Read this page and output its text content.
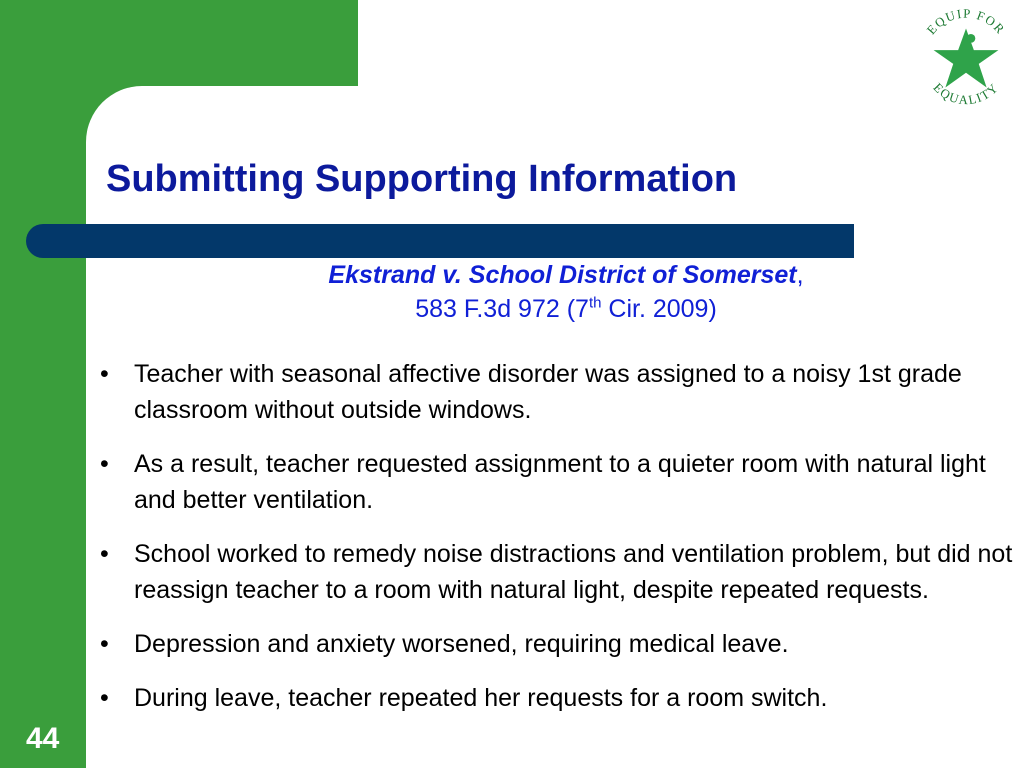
EQUIP FOR
EQUALITY
Submitting Supporting Information
Ekstrand v. School District of Somerset,
583 F.3d 972 (7th Cir. 2009)
• Teacher with seasonal affective disorder was assigned to a noisy 1st grade classroom without outside windows.
• As a result, teacher requested assignment to a quieter room with natural light and better ventilation.
• School worked to remedy noise distractions and ventilation problem, but did not reassign teacher to a room with natural light, despite repeated requests.
• Depression and anxiety worsened, requiring medical leave.
• During leave, teacher repeated her requests for a room switch.
44
